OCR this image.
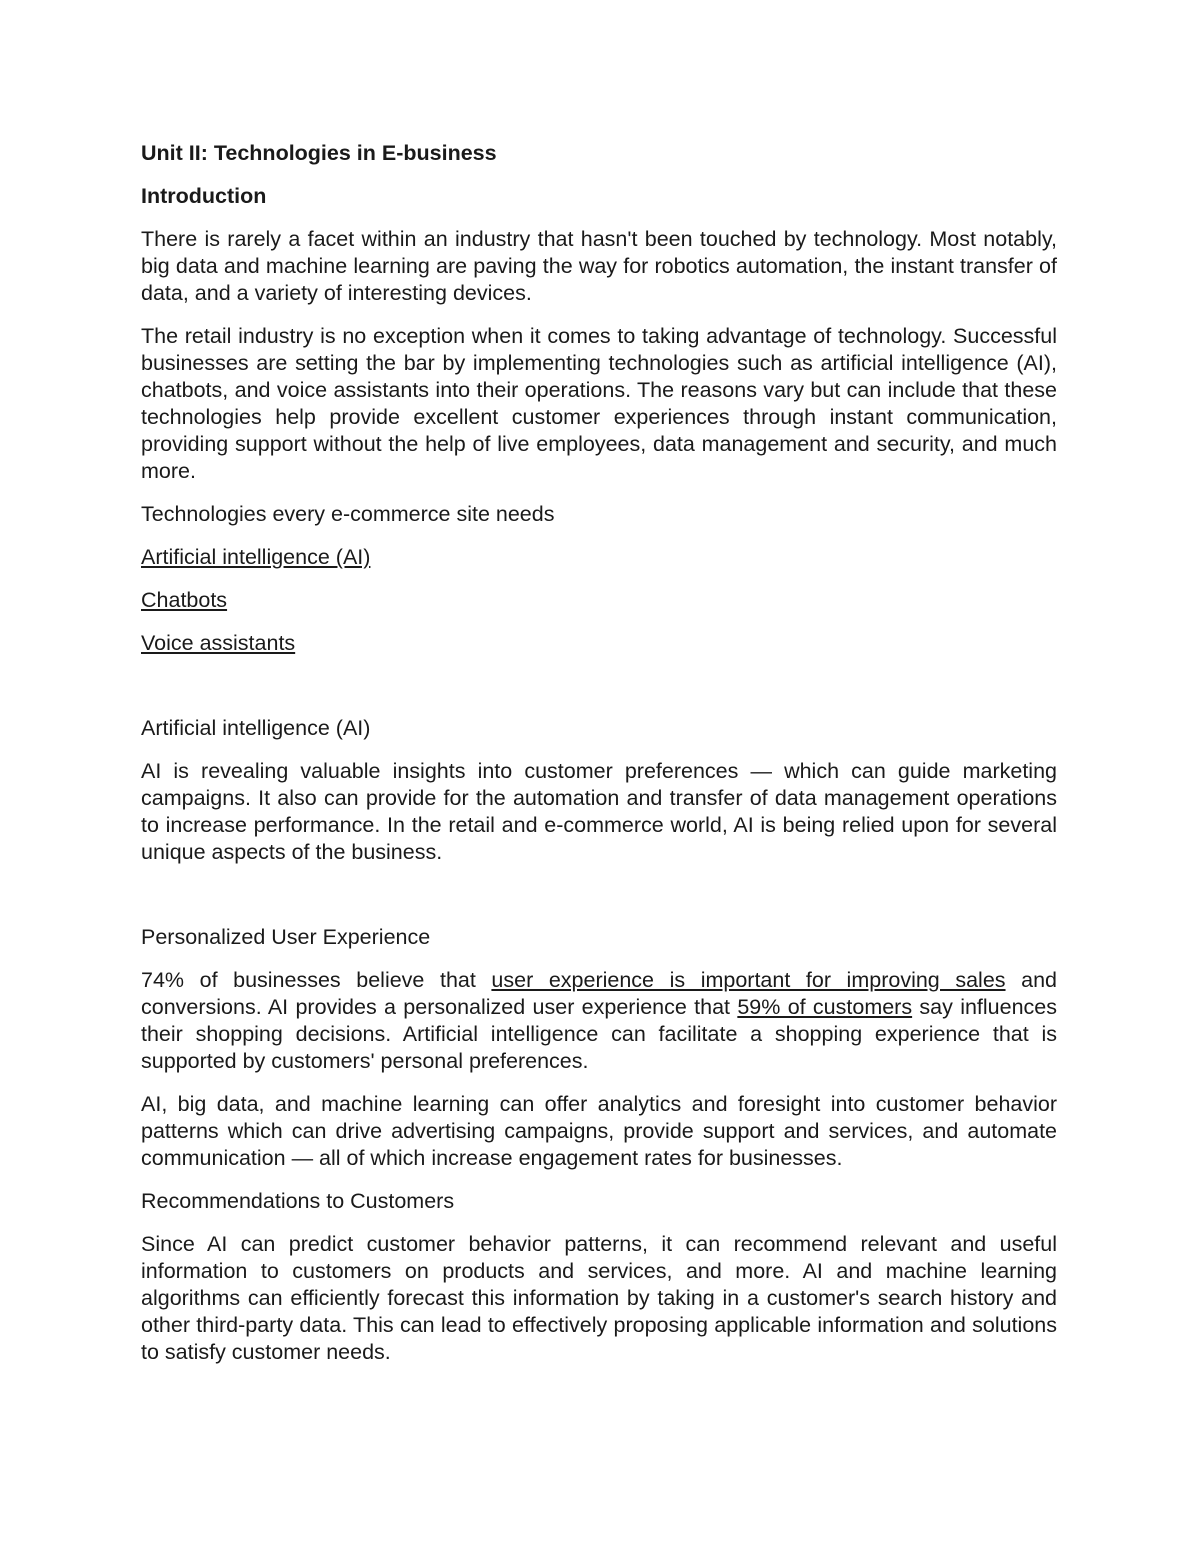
Unit II: Technologies in E-business

Introduction

There is rarely a facet within an industry that hasn't been touched by technology. Most notably, big data and machine learning are paving the way for robotics automation, the instant transfer of data, and a variety of interesting devices.

The retail industry is no exception when it comes to taking advantage of technology. Successful businesses are setting the bar by implementing technologies such as artificial intelligence (AI), chatbots, and voice assistants into their operations. The reasons vary but can include that these technologies help provide excellent customer experiences through instant communication, providing support without the help of live employees, data management and security, and much more.

Technologies every e-commerce site needs

Artificial intelligence (AI)

Chatbots

Voice assistants

Artificial intelligence (AI)

AI is revealing valuable insights into customer preferences — which can guide marketing campaigns. It also can provide for the automation and transfer of data management operations to increase performance. In the retail and e-commerce world, AI is being relied upon for several unique aspects of the business.

Personalized User Experience

74% of businesses believe that user experience is important for improving sales and conversions. AI provides a personalized user experience that 59% of customers say influences their shopping decisions. Artificial intelligence can facilitate a shopping experience that is supported by customers' personal preferences.

AI, big data, and machine learning can offer analytics and foresight into customer behavior patterns which can drive advertising campaigns, provide support and services, and automate communication — all of which increase engagement rates for businesses.

Recommendations to Customers

Since AI can predict customer behavior patterns, it can recommend relevant and useful information to customers on products and services, and more. AI and machine learning algorithms can efficiently forecast this information by taking in a customer's search history and other third-party data. This can lead to effectively proposing applicable information and solutions to satisfy customer needs.
